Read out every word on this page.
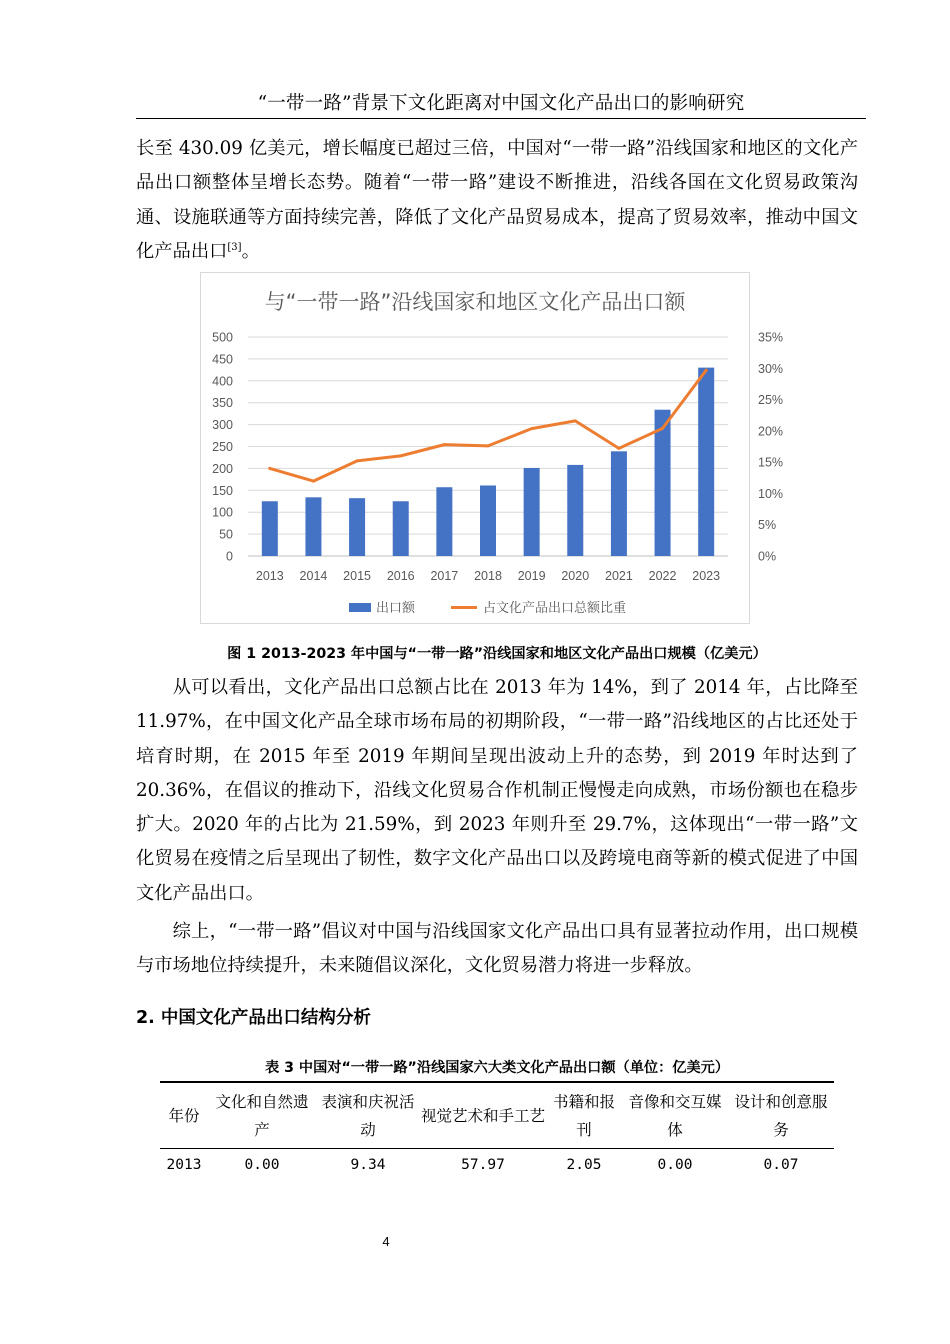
“一带一路”背景下文化距离对中国文化产品出口的影响研究

长至 430.09 亿美元，增长幅度已超过三倍，中国对“一带一路”沿线国家和地区的文化产品出口额整体呈增长态势。随着“一带一路”建设不断推进，沿线各国在文化贸易政策沟通、设施联通等方面持续完善，降低了文化产品贸易成本，提高了贸易效率，推动中国文化产品出口[3]。

与“一带一路”沿线国家和地区文化产品出口额
0
50
100
150
200
250
300
350
400
450
500
0%
5%
10%
15%
20%
25%
30%
35%
2013 2014 2015 2016 2017 2018 2019 2020 2021 2022 2023
出口额	占文化产品出口总额比重
图 1 2013-2023 年中国与“一带一路”沿线国家和地区文化产品出口规模（亿美元）

从可以看出，文化产品出口总额占比在 2013 年为 14%，到了 2014 年，占比降至 11.97%，在中国文化产品全球市场布局的初期阶段，“一带一路”沿线地区的占比还处于培育时期，在 2015 年至 2019 年期间呈现出波动上升的态势，到 2019 年时达到了 20.36%，在倡议的推动下，沿线文化贸易合作机制正慢慢走向成熟，市场份额也在稳步扩大。2020 年的占比为 21.59%，到 2023 年则升至 29.7%，这体现出“一带一路”文化贸易在疫情之后呈现出了韧性，数字文化产品出口以及跨境电商等新的模式促进了中国文化产品出口。

综上，“一带一路”倡议对中国与沿线国家文化产品出口具有显著拉动作用，出口规模与市场地位持续提升，未来随倡议深化，文化贸易潜力将进一步释放。

2. 中国文化产品出口结构分析
表 3 中国对“一带一路”沿线国家六大类文化产品出口额（单位：亿美元）
年份	文化和自然遗产	表演和庆祝活动	视觉艺术和手工艺	书籍和报刊	音像和交互媒体	设计和创意服务
2013	0.00	9.34	57.97	2.05	0.00	0.07
4
